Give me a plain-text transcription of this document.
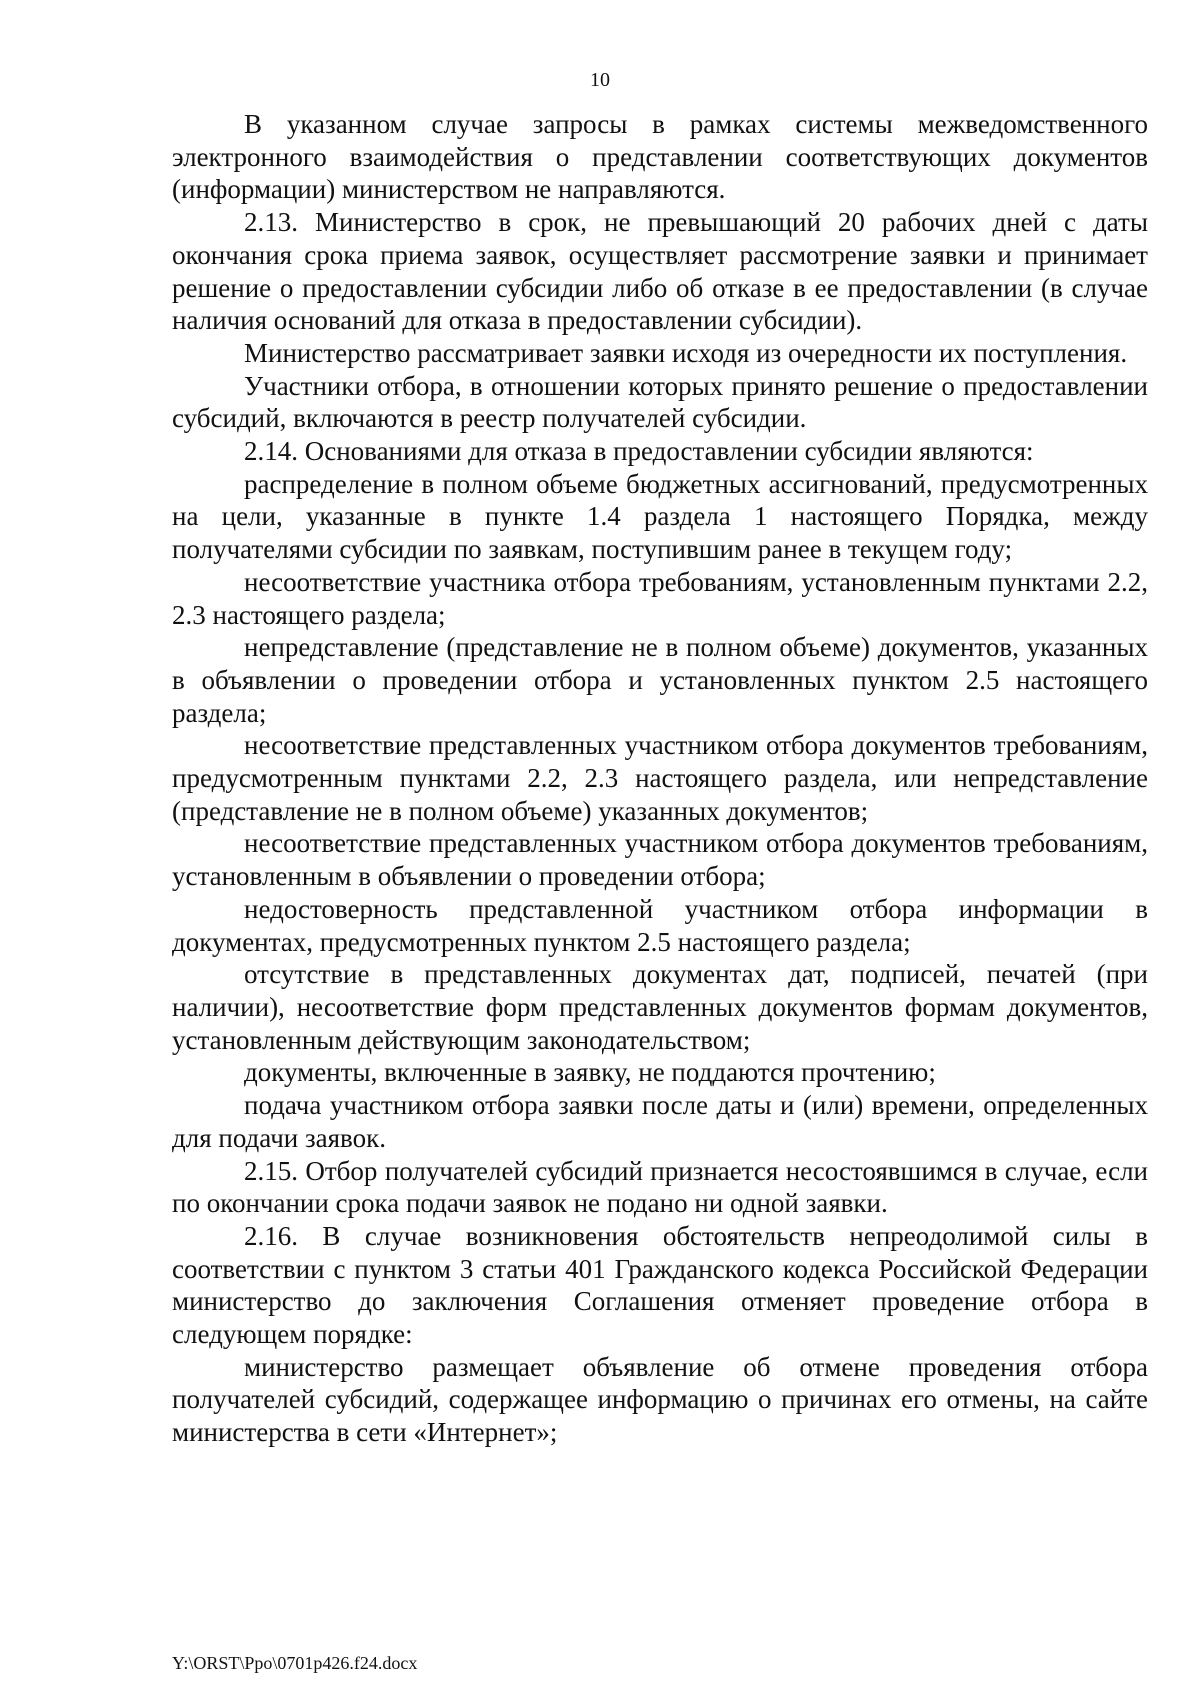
10

В указанном случае запросы в рамках системы межведомственного электронного взаимодействия о представлении соответствующих документов (информации) министерством не направляются.

2.13. Министерство в срок, не превышающий 20 рабочих дней с даты окончания срока приема заявок, осуществляет рассмотрение заявки и принимает решение о предоставлении субсидии либо об отказе в ее предоставлении (в случае наличия оснований для отказа в предоставлении субсидии).

Министерство рассматривает заявки исходя из очередности их поступления.

Участники отбора, в отношении которых принято решение о предоставлении субсидий, включаются в реестр получателей субсидии.

2.14. Основаниями для отказа в предоставлении субсидии являются:

распределение в полном объеме бюджетных ассигнований, предусмотренных на цели, указанные в пункте 1.4 раздела 1 настоящего Порядка, между получателями субсидии по заявкам, поступившим ранее в текущем году;

несоответствие участника отбора требованиям, установленным пунктами 2.2, 2.3 настоящего раздела;

непредставление (представление не в полном объеме) документов, указанных в объявлении о проведении отбора и установленных пунктом 2.5 настоящего раздела;

несоответствие представленных участником отбора документов требованиям, предусмотренным пунктами 2.2, 2.3 настоящего раздела, или непредставление (представление не в полном объеме) указанных документов;

несоответствие представленных участником отбора документов требованиям, установленным в объявлении о проведении отбора;

недостоверность представленной участником отбора информации в документах, предусмотренных пунктом 2.5 настоящего раздела;

отсутствие в представленных документах дат, подписей, печатей (при наличии), несоответствие форм представленных документов формам документов, установленным действующим законодательством;

документы, включенные в заявку, не поддаются прочтению;

подача участником отбора заявки после даты и (или) времени, определенных для подачи заявок.

2.15. Отбор получателей субсидий признается несостоявшимся в случае, если по окончании срока подачи заявок не подано ни одной заявки.

2.16. В случае возникновения обстоятельств непреодолимой силы в соответствии с пунктом 3 статьи 401 Гражданского кодекса Российской Федерации министерство до заключения Соглашения отменяет проведение отбора в следующем порядке:

министерство размещает объявление об отмене проведения отбора получателей субсидий, содержащее информацию о причинах его отмены, на сайте министерства в сети «Интернет»;

Y:\ORST\Ppo\0701p426.f24.docx
